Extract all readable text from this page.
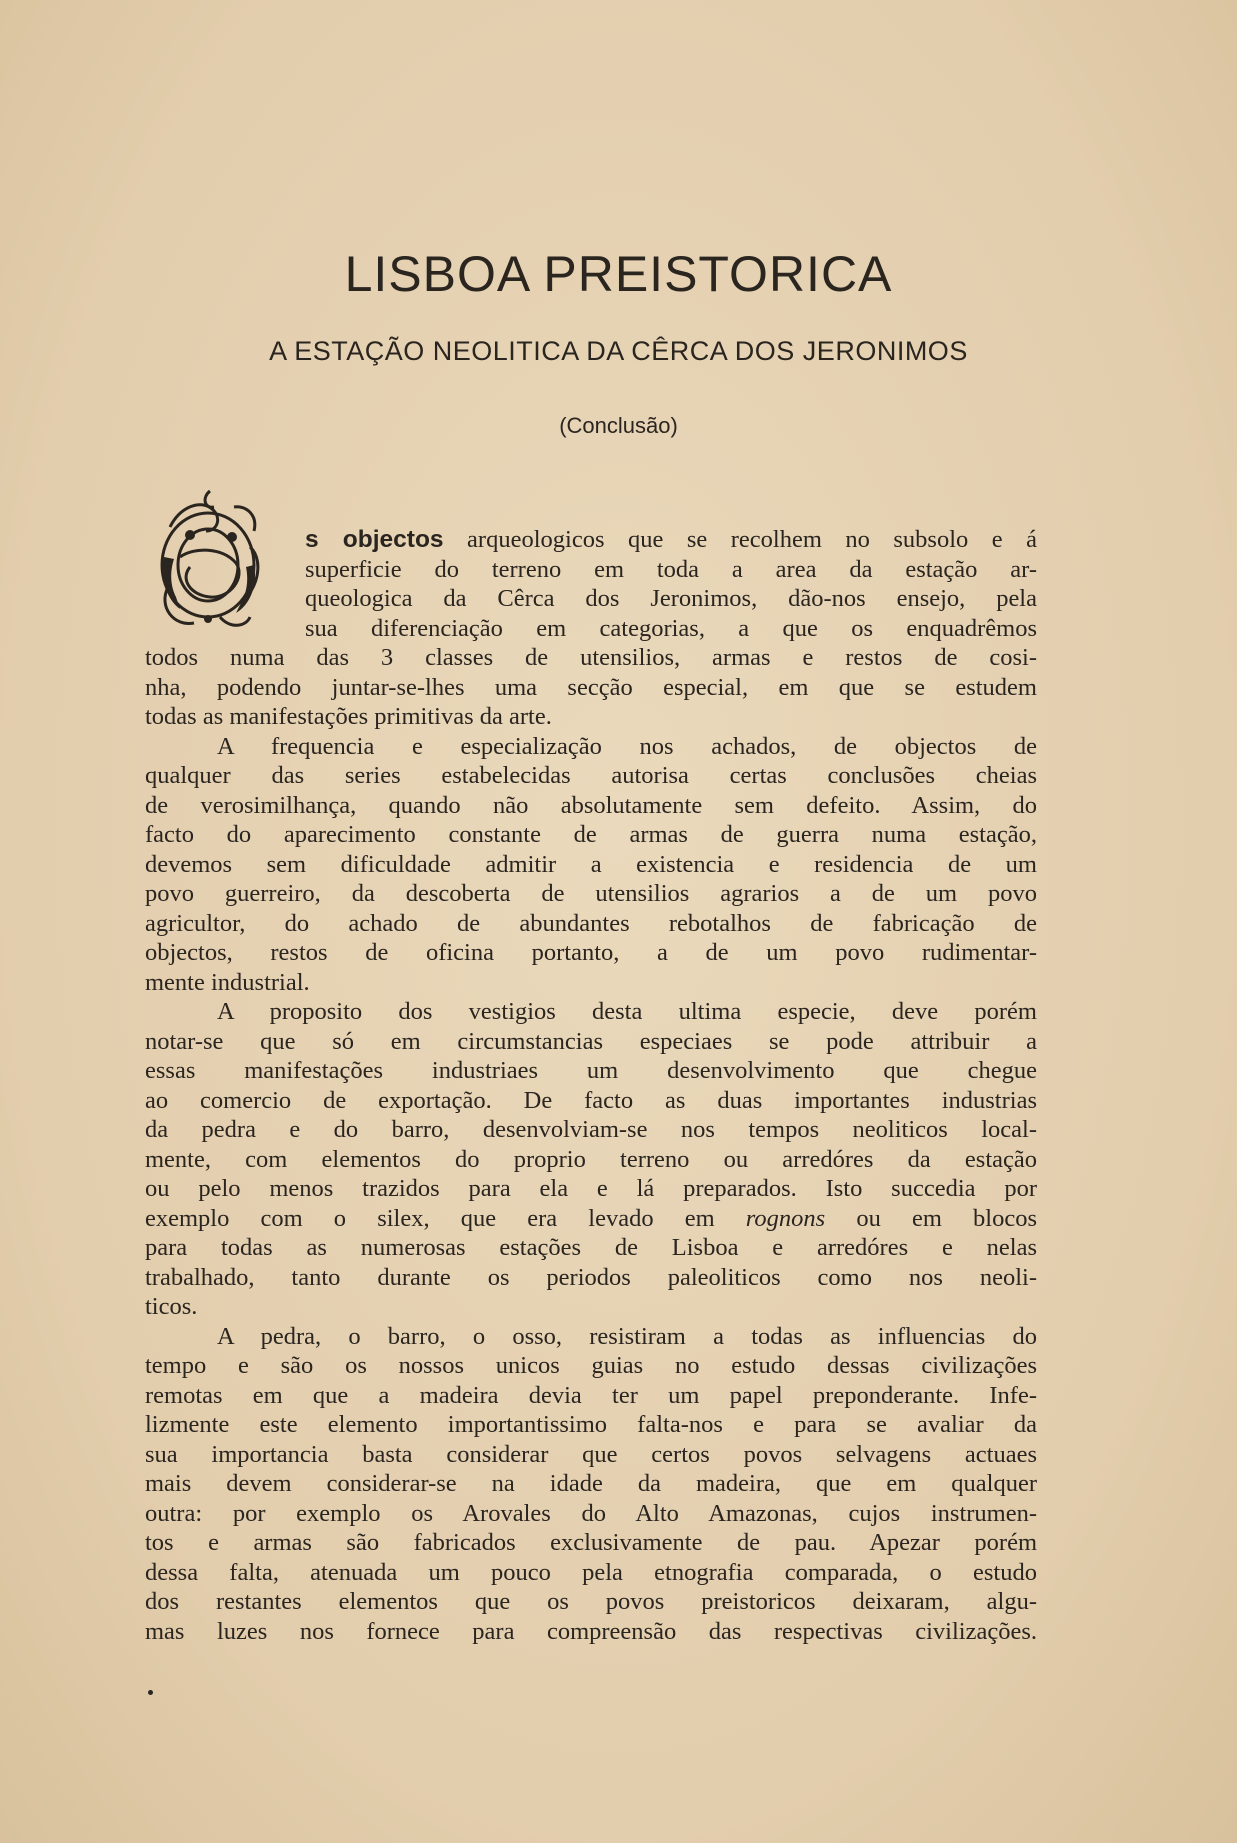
LISBOA PREISTORICA
A ESTAÇÃO NEOLITICA DA CÊRCA DOS JERONIMOS
(Conclusão)
s objectos arqueologicos que se recolhem no subsolo e á
superficie do terreno em toda a area da estação ar-
queologica da Cêrca dos Jeronimos, dão-nos ensejo, pela
sua diferenciação em categorias, a que os enquadrêmos
todos numa das 3 classes de utensilios, armas e restos de cosi-
nha, podendo juntar-se-lhes uma secção especial, em que se estudem
todas as manifestações primitivas da arte.
A frequencia e especialização nos achados, de objectos de
qualquer das series estabelecidas autorisa certas conclusões cheias
de verosimilhança, quando não absolutamente sem defeito. Assim, do
facto do aparecimento constante de armas de guerra numa estação,
devemos sem dificuldade admitir a existencia e residencia de um
povo guerreiro, da descoberta de utensilios agrarios a de um povo
agricultor, do achado de abundantes rebotalhos de fabricação de
objectos, restos de oficina portanto, a de um povo rudimentar-
mente industrial.
A proposito dos vestigios desta ultima especie, deve porém
notar-se que só em circumstancias especiaes se pode attribuir a
essas manifestações industriaes um desenvolvimento que chegue
ao comercio de exportação. De facto as duas importantes industrias
da pedra e do barro, desenvolviam-se nos tempos neoliticos local-
mente, com elementos do proprio terreno ou arredóres da estação
ou pelo menos trazidos para ela e lá preparados. Isto succedia por
exemplo com o silex, que era levado em rognons ou em blocos
para todas as numerosas estações de Lisboa e arredóres e nelas
trabalhado, tanto durante os periodos paleoliticos como nos neoli-
ticos.
A pedra, o barro, o osso, resistiram a todas as influencias do
tempo e são os nossos unicos guias no estudo dessas civilizações
remotas em que a madeira devia ter um papel preponderante. Infe-
lizmente este elemento importantissimo falta-nos e para se avaliar da
sua importancia basta considerar que certos povos selvagens actuaes
mais devem considerar-se na idade da madeira, que em qualquer
outra: por exemplo os Arovales do Alto Amazonas, cujos instrumen-
tos e armas são fabricados exclusivamente de pau. Apezar porém
dessa falta, atenuada um pouco pela etnografia comparada, o estudo
dos restantes elementos que os povos preistoricos deixaram, algu-
mas luzes nos fornece para compreensão das respectivas civilizações.
